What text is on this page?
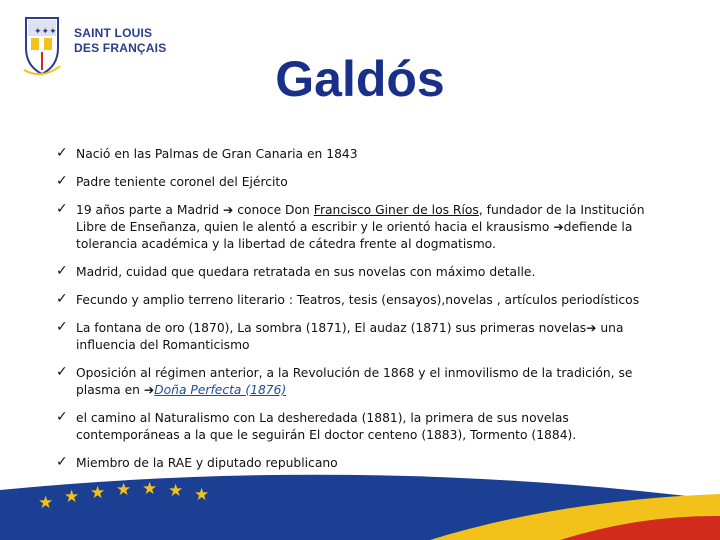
✦✦✦ SAINT LOUIS
DES FRANÇAIS
Galdós
✓ Nació en las Palmas de Gran Canaria en 1843
✓ Padre teniente coronel del Ejército
✓ 19 años parte a Madrid ➔ conoce Don Francisco Giner de los Ríos, fundador de la Institución Libre de Enseñanza, quien le alentó a escribir y le orientó hacia el krausismo ➔defiende la tolerancia académica y la libertad de cátedra frente al dogmatismo.
✓ Madrid, cuidad que quedara retratada en sus novelas con máximo detalle.
✓ Fecundo y amplio terreno literario : Teatros, tesis (ensayos),novelas , artículos periodísticos
✓ La fontana de oro (1870), La sombra (1871), El audaz (1871) sus primeras novelas➔ una influencia del Romanticismo
✓ Oposición al régimen anterior, a la Revolución de 1868 y el inmovilismo de la tradición, se plasma en ➔Doña Perfecta (1876)
✓ el camino al Naturalismo con La desheredada (1881), la primera de sus novelas contemporáneas a la que le seguirán El doctor centeno (1883), Tormento (1884).
✓ Miembro de la RAE y diputado republicano
★ ★ ★ ★ ★ ★ ★
